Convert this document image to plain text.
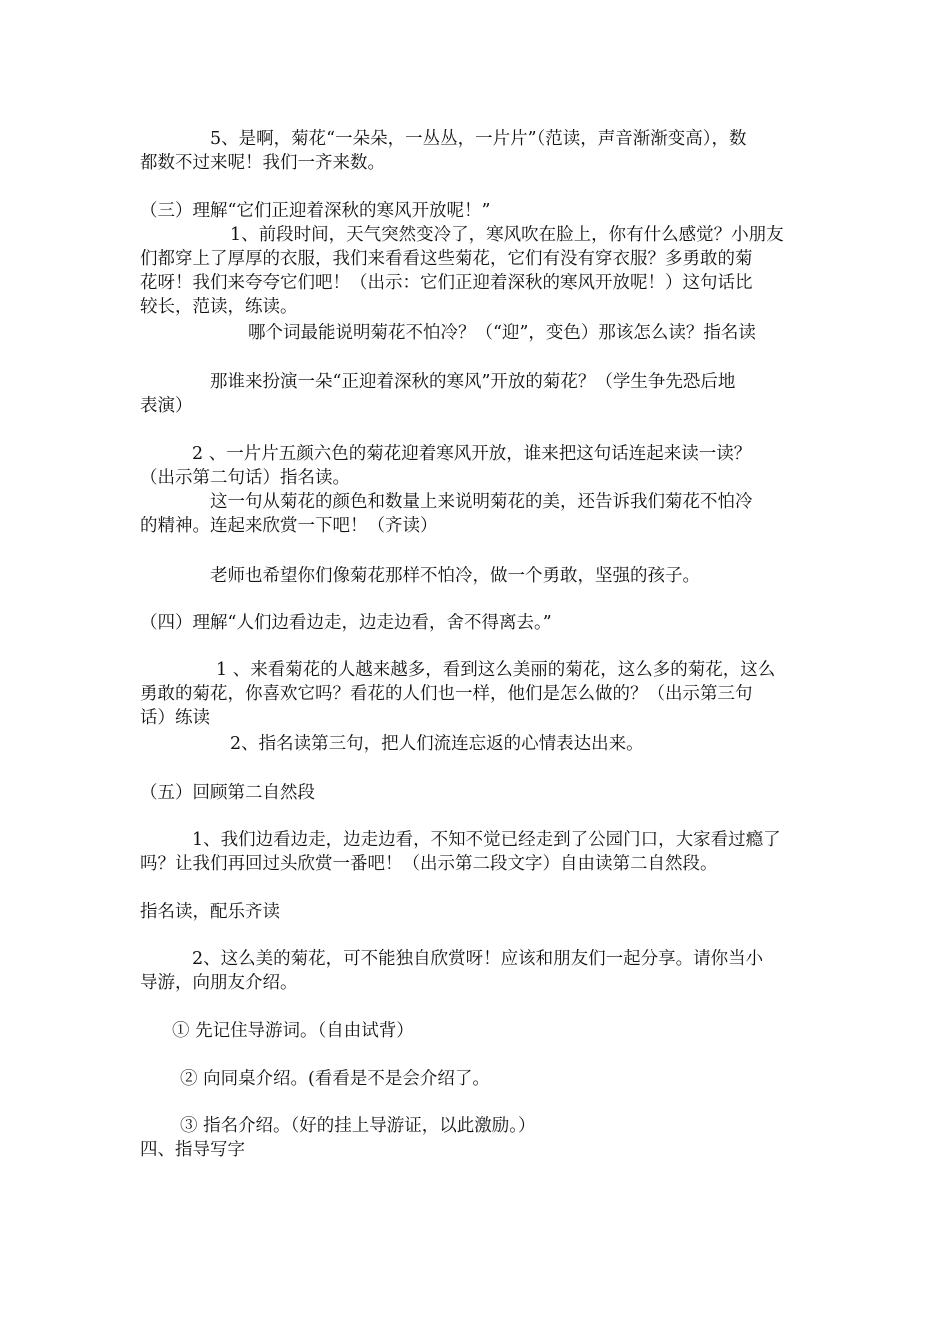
5、是啊，菊花“一朵朵，一丛丛，一片片”（范读，声音渐渐变高），数
都数不过来呢！我们一齐来数。
（三）理解“它们正迎着深秋的寒风开放呢！”
1、前段时间，天气突然变冷了，寒风吹在脸上，你有什么感觉？小朋友
们都穿上了厚厚的衣服，我们来看看这些菊花，它们有没有穿衣服？多勇敢的菊
花呀！我们来夸夸它们吧！（出示：它们正迎着深秋的寒风开放呢！）这句话比
较长，范读，练读。
哪个词最能说明菊花不怕冷？（“迎”，变色）那该怎么读？指名读
那谁来扮演一朵“正迎着深秋的寒风”开放的菊花？（学生争先恐后地
表演）
2 、一片片五颜六色的菊花迎着寒风开放，谁来把这句话连起来读一读？
（出示第二句话）指名读。
这一句从菊花的颜色和数量上来说明菊花的美，还告诉我们菊花不怕冷
的精神。连起来欣赏一下吧！（齐读）
老师也希望你们像菊花那样不怕冷，做一个勇敢，坚强的孩子。
（四）理解“人们边看边走，边走边看，舍不得离去。”
1 、来看菊花的人越来越多，看到这么美丽的菊花，这么多的菊花，这么
勇敢的菊花，你喜欢它吗？看花的人们也一样，他们是怎么做的？（出示第三句
话）练读
2、指名读第三句，把人们流连忘返的心情表达出来。
（五）回顾第二自然段
1、我们边看边走，边走边看，不知不觉已经走到了公园门口，大家看过瘾了
吗？让我们再回过头欣赏一番吧！（出示第二段文字）自由读第二自然段。
指名读，配乐齐读
2、这么美的菊花，可不能独自欣赏呀！应该和朋友们一起分享。请你当小
导游，向朋友介绍。
① 先记住导游词。（自由试背）
② 向同桌介绍。(看看是不是会介绍了。
③ 指名介绍。（好的挂上导游证，以此激励。）
四、指导写字
